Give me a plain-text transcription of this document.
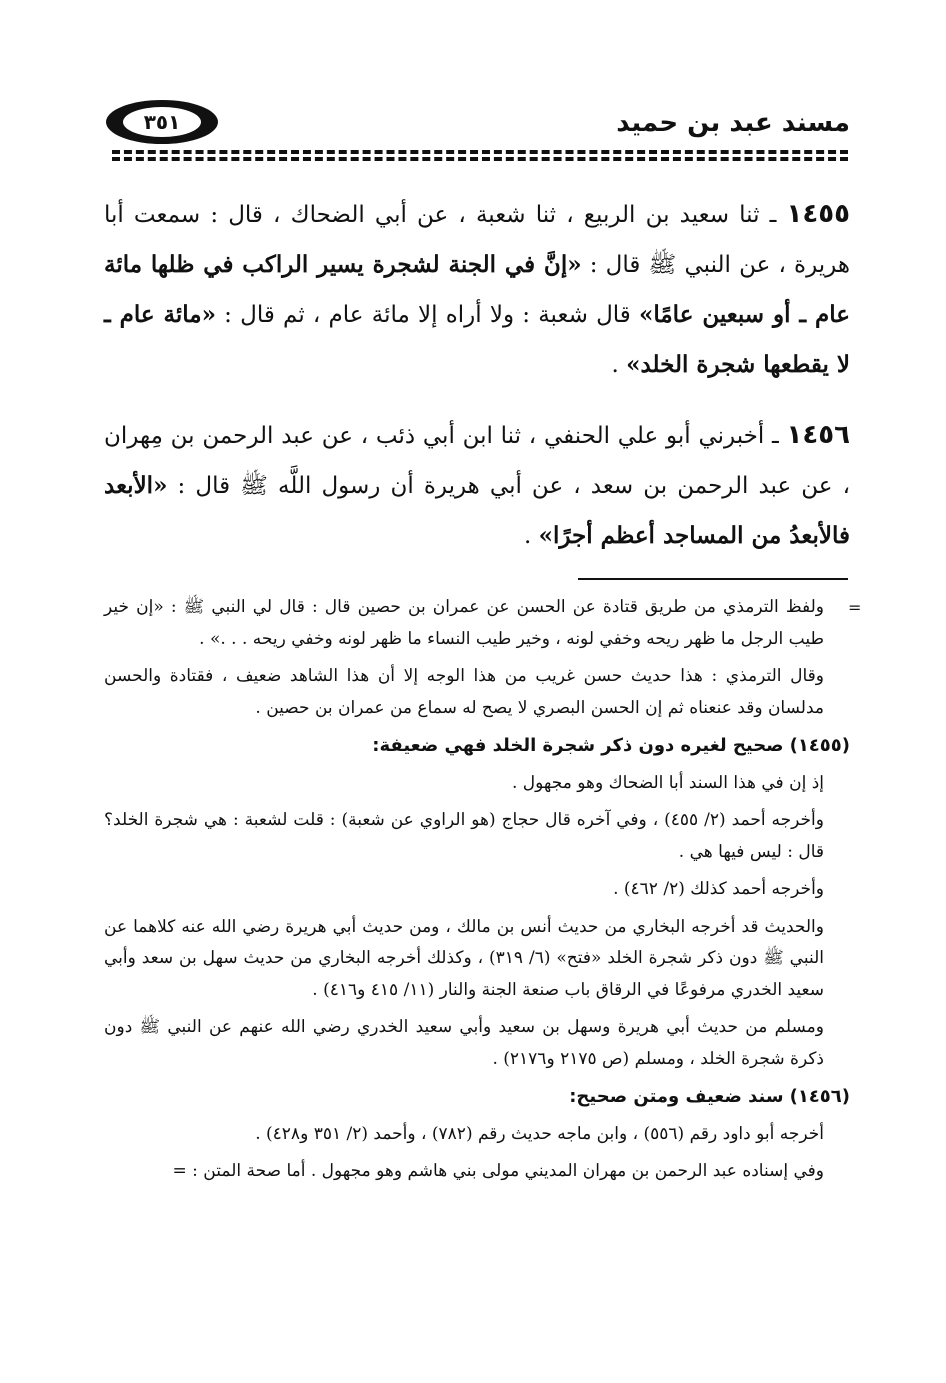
مسند عبد بن حميد
٣٥١

١٤٥٥ ـ ثنا سعيد بن الربيع ، ثنا شعبة ، عن أبي الضحاك ، قال : سمعت أبا هريرة ، عن النبي ﷺ قال : «إنَّ في الجنة لشجرة يسير الراكب في ظلها مائة عام ـ أو سبعين عامًا» قال شعبة : ولا أراه إلا مائة عام ، ثم قال : «مائة عام ـ لا يقطعها شجرة الخلد» .

١٤٥٦ ـ أخبرني أبو علي الحنفي ، ثنا ابن أبي ذئب ، عن عبد الرحمن بن مِهران ، عن عبد الرحمن بن سعد ، عن أبي هريرة أن رسول اللَّه ﷺ قال : «الأبعد فالأبعدُ من المساجد أعظم أجرًا» .

=

ولفظ الترمذي من طريق قتادة عن الحسن عن عمران بن حصين قال : قال لي النبي ﷺ : «إن خير طيب الرجل ما ظهر ريحه وخفي لونه ، وخير طيب النساء ما ظهر لونه وخفي ريحه . . .» .

وقال الترمذي : هذا حديث حسن غريب من هذا الوجه إلا أن هذا الشاهد ضعيف ، فقتادة والحسن مدلسان وقد عنعناه ثم إن الحسن البصري لا يصح له سماع من عمران بن حصين .

(١٤٥٥)صحيح لغيره دون ذكر شجرة الخلد فهي ضعيفة:

إذ إن في هذا السند أبا الضحاك وهو مجهول .

وأخرجه أحمد (٢/ ٤٥٥) ، وفي آخره قال حجاج (هو الراوي عن شعبة) : قلت لشعبة : هي شجرة الخلد؟ قال : ليس فيها هي .

وأخرجه أحمد كذلك (٢/ ٤٦٢) .

والحديث قد أخرجه البخاري من حديث أنس بن مالك ، ومن حديث أبي هريرة رضي الله عنه كلاهما عن النبي ﷺ دون ذكر شجرة الخلد «فتح» (٦/ ٣١٩) ، وكذلك أخرجه البخاري من حديث سهل بن سعد وأبي سعيد الخدري مرفوعًا في الرقاق باب صنعة الجنة والنار (١١/ ٤١٥ و٤١٦) .

ومسلم من حديث أبي هريرة وسهل بن سعيد وأبي سعيد الخدري رضي الله عنهم عن النبي ﷺ دون ذكرة شجرة الخلد ، ومسلم (ص ٢١٧٥ و٢١٧٦) .

(١٤٥٦)سند ضعيف ومتن صحيح:

أخرجه أبو داود رقم (٥٥٦) ، وابن ماجه حديث رقم (٧٨٢) ، وأحمد (٢/ ٣٥١ و٤٢٨) .

وفي إسناده عبد الرحمن بن مهران المديني مولى بني هاشم وهو مجهول . أما صحة المتن : =
